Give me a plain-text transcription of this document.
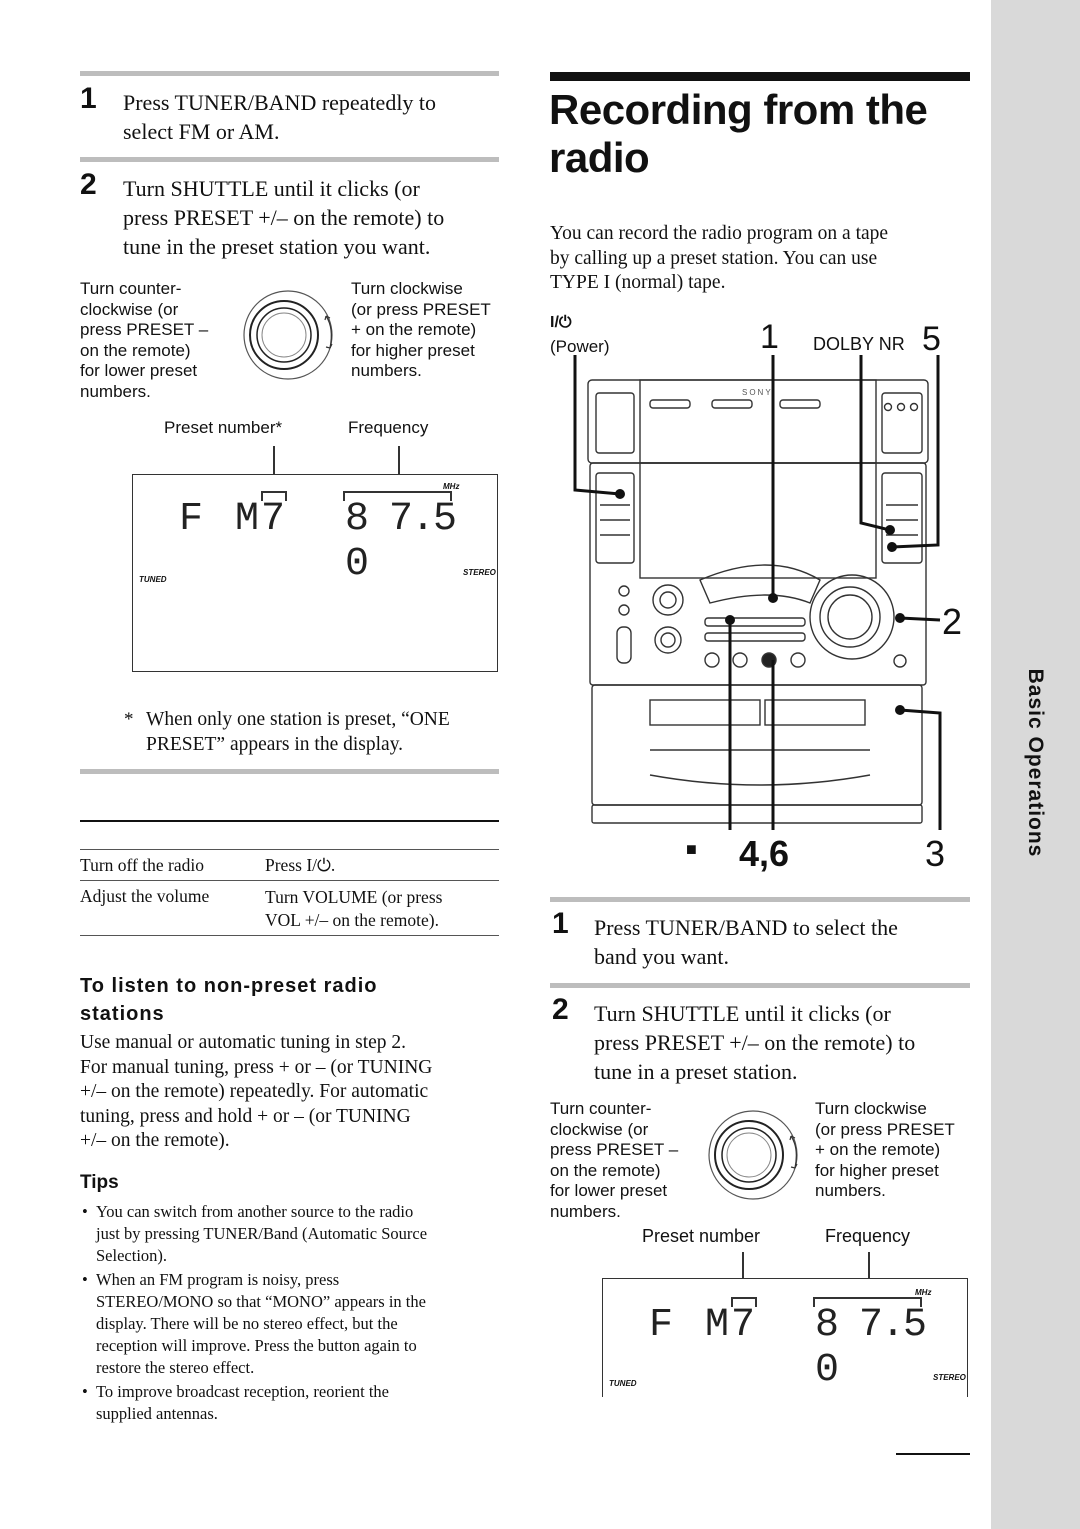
1 Press TUNER/BAND repeatedly to
select FM or AM.
2 Turn SHUTTLE until it clicks (or
press PRESET +/– on the remote) to
tune in the preset station you want.
Turn counter-
clockwise (or
press PRESET –
on the remote)
for lower preset
numbers.
Turn clockwise
(or press PRESET
+ on the remote)
for higher preset
numbers.
Preset number*	Frequency
MHz
F M
7 8 7.5 0
TUNED
STEREO
* When only one station is preset, “ONE
PRESET” appears in the display.
Turn off the radio	Press I/⏻.
Adjust the volume	Turn VOLUME (or press
VOL +/– on the remote).
To listen to non-preset radio
stations
Use manual or automatic tuning in step 2.
For manual tuning, press + or – (or TUNING
+/– on the remote) repeatedly. For automatic
tuning, press and hold + or – (or TUNING
+/– on the remote).
Tips
• You can switch from another source to the radio
just by pressing TUNER/Band (Automatic Source
Selection).
• When an FM program is noisy, press
STEREO/MONO so that “MONO” appears in the
display. There will be no stereo effect, but the
reception will improve. Press the button again to
restore the stereo effect.
• To improve broadcast reception, reorient the
supplied antennas.
Recording from the
radio
You can record the radio program on a tape
by calling up a preset station. You can use
TYPE I (normal) tape.
I/⏻
(Power)	1 DOLBY NR 5
2
■ 4,6	3
SONY
1 Press TUNER/BAND to select the
band you want.
2 Turn SHUTTLE until it clicks (or
press PRESET +/– on the remote) to
tune in a preset station.
Turn counter-
clockwise (or
press PRESET –
on the remote)
for lower preset
numbers.
Turn clockwise
(or press PRESET
+ on the remote)
for higher preset
numbers.
Preset number	Frequency
MHz
F M
7 8 7.5 0
TUNED
STEREO
Basic Operations
